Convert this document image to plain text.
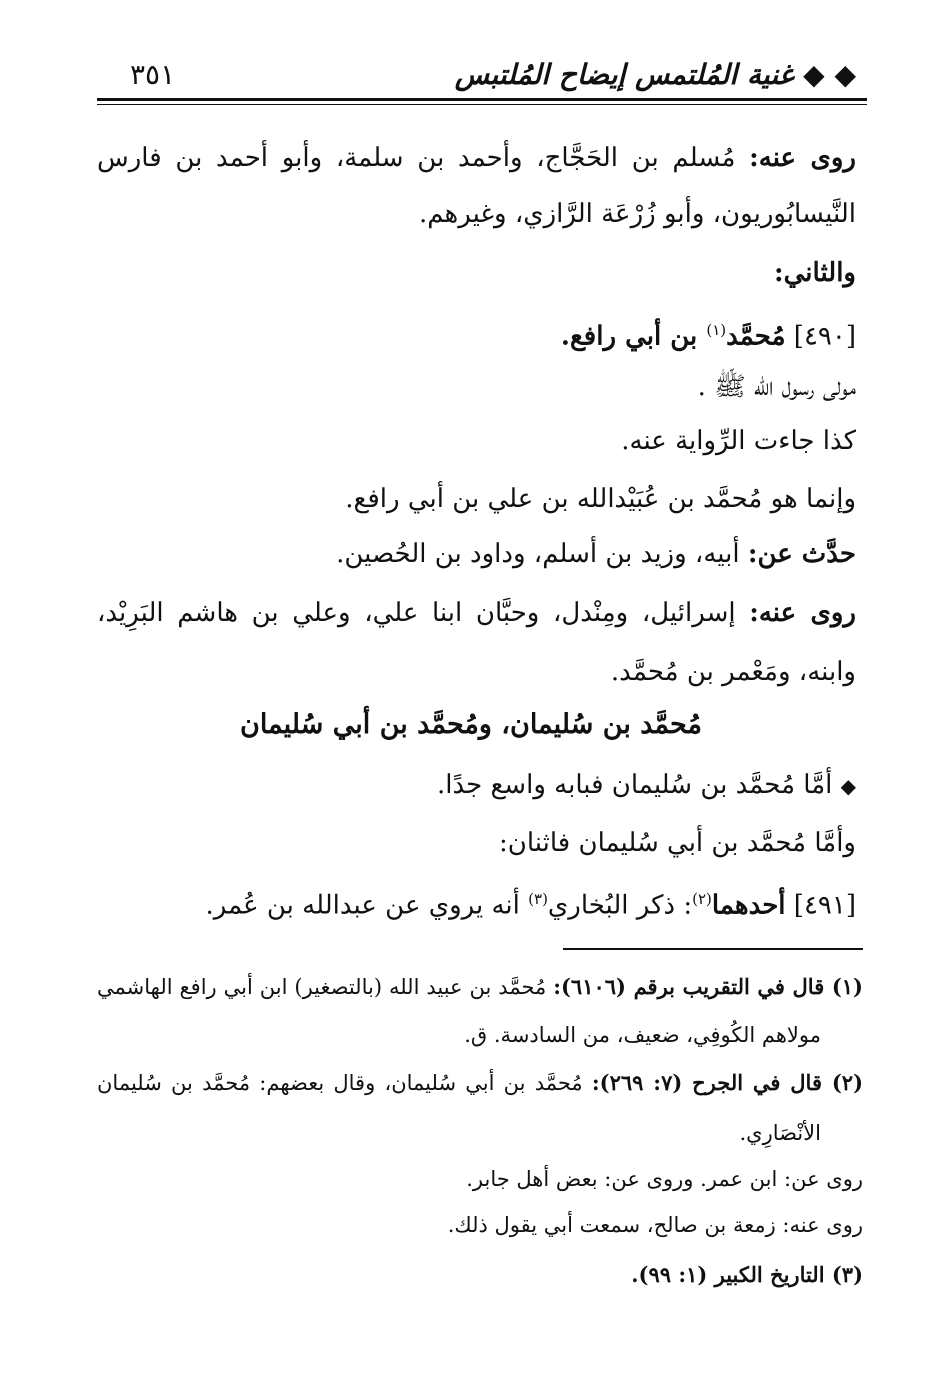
◆ ◆ غنية المُلتمس إيضاح المُلتبس
٣٥١
روى عنه: مُسلم بن الحَجَّاج، وأحمد بن سلمة، وأبو أحمد بن فارس
النَّيسابُوريون، وأبو زُرْعَة الرَّازي، وغيرهم.
والثاني:
[٤٩٠] مُحمَّد$^{(١)}$ بن أبي رافع.
مولى رسول الله ﷺ .
كذا جاءت الرِّواية عنه.
وإنما هو مُحمَّد بن عُبَيْدالله بن علي بن أبي رافع.
حدَّث عن: أبيه، وزيد بن أسلم، وداود بن الحُصين.
روى عنه: إسرائيل، ومِنْدل، وحبَّان ابنا علي، وعلي بن هاشم البَرِيْد،
وابنه، ومَعْمر بن مُحمَّد.
مُحمَّد بن سُليمان، ومُحمَّد بن أبي سُليمان
◆ أمَّا مُحمَّد بن سُليمان فبابه واسع جدًا.
وأمَّا مُحمَّد بن أبي سُليمان فاثنان:
[٤٩١] أحدهما$^{(٢)}$: ذكر البُخاري$^{(٣)}$ أنه يروي عن عبدالله بن عُمر.
(١) قال في التقريب برقم (٦١٠٦): مُحمَّد بن عبيد الله (بالتصغير) ابن أبي رافع الهاشمي
مولاهم الكُوفِي، ضعيف، من السادسة. ق.
(٢) قال في الجرح (٧: ٢٦٩): مُحمَّد بن أبي سُليمان، وقال بعضهم: مُحمَّد بن سُليمان
الأنْصَارِي.
روى عن: ابن عمر. وروى عن: بعض أهل جابر.
روى عنه: زمعة بن صالح، سمعت أبي يقول ذلك.
(٣) التاريخ الكبير (١: ٩٩).
